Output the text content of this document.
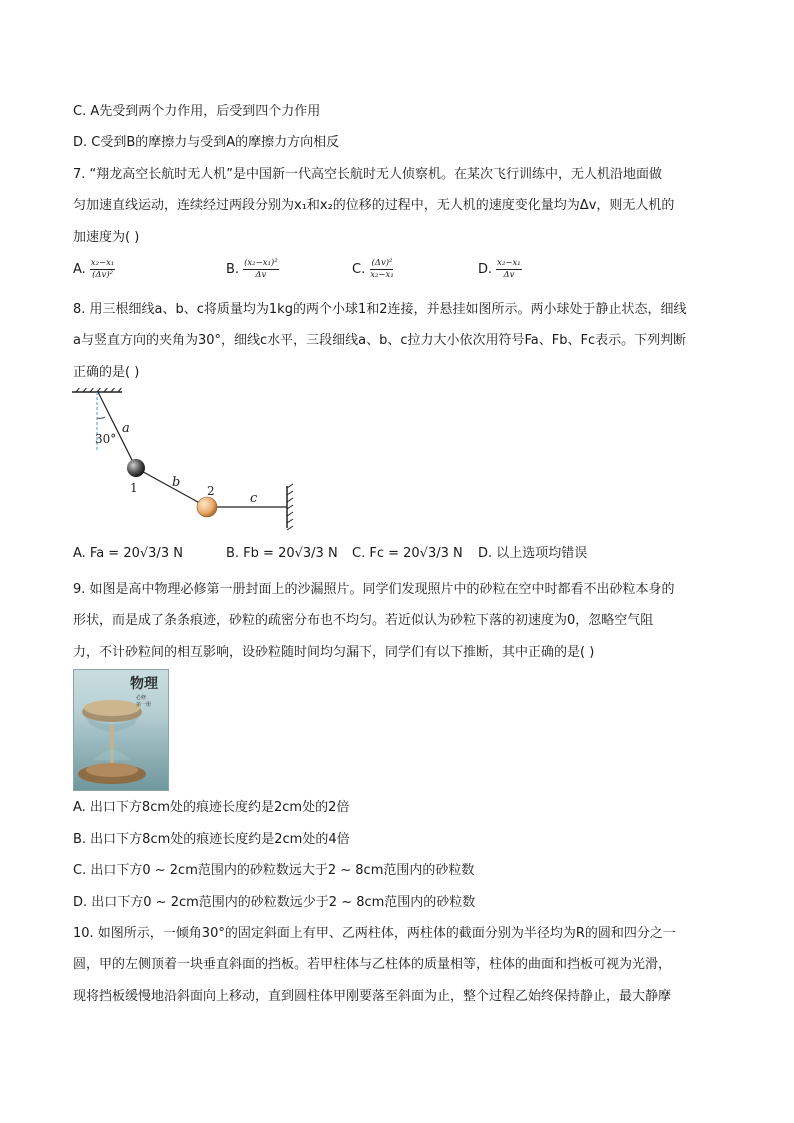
C. A先受到两个力作用，后受到四个力作用
D. C受到B的摩擦力与受到A的摩擦力方向相反
7. “翔龙高空长航时无人机”是中国新一代高空长航时无人侦察机。在某次飞行训练中，无人机沿地面做
匀加速直线运动，连续经过两段分别为x₁和x₂的位移的过程中，无人机的速度变化量均为Δv，则无人机的
加速度为( )
A. $\frac{\text{x₂−x₁}}{\text{(Δv)²}}$	B. $\frac{\text{(x₂−x₁)²}}{\Delta v}$	C. $\frac{\text{(Δv)²}}{\text{x₂−x₁}}$	D. $\frac{\text{x₂−x₁}}{\Delta v}$
8. 用三根细线a、b、c将质量均为1kg的两个小球1和2连接，并悬挂如图所示。两小球处于静止状态，细线
a与竖直方向的夹角为30°，细线c水平，三段细线a、b、c拉力大小依次用符号Fa、Fb、Fc表示。下列判断
正确的是( )
30°
a
b
c
1	2
A. Fa = 20√3/3 N	B. Fb = 20√3/3 N C. Fc = 20√3/3 N D. 以上选项均错误
9. 如图是高中物理必修第一册封面上的沙漏照片。同学们发现照片中的砂粒在空中时都看不出砂粒本身的
形状，而是成了条条痕迹，砂粒的疏密分布也不均匀。若近似认为砂粒下落的初速度为0，忽略空气阻
力，不计砂粒间的相互影响，设砂粒随时间均匀漏下，同学们有以下推断，其中正确的是( )
物理
必修
第一册
A. 出口下方8cm处的痕迹长度约是2cm处的2倍
B. 出口下方8cm处的痕迹长度约是2cm处的4倍
C. 出口下方0 ~ 2cm范围内的砂粒数远大于2 ~ 8cm范围内的砂粒数
D. 出口下方0 ~ 2cm范围内的砂粒数远少于2 ~ 8cm范围内的砂粒数
10. 如图所示，一倾角30°的固定斜面上有甲、乙两柱体，两柱体的截面分别为半径均为R的圆和四分之一
圆，甲的左侧顶着一块垂直斜面的挡板。若甲柱体与乙柱体的质量相等，柱体的曲面和挡板可视为光滑，
现将挡板缓慢地沿斜面向上移动，直到圆柱体甲刚要落至斜面为止，整个过程乙始终保持静止，最大静摩
